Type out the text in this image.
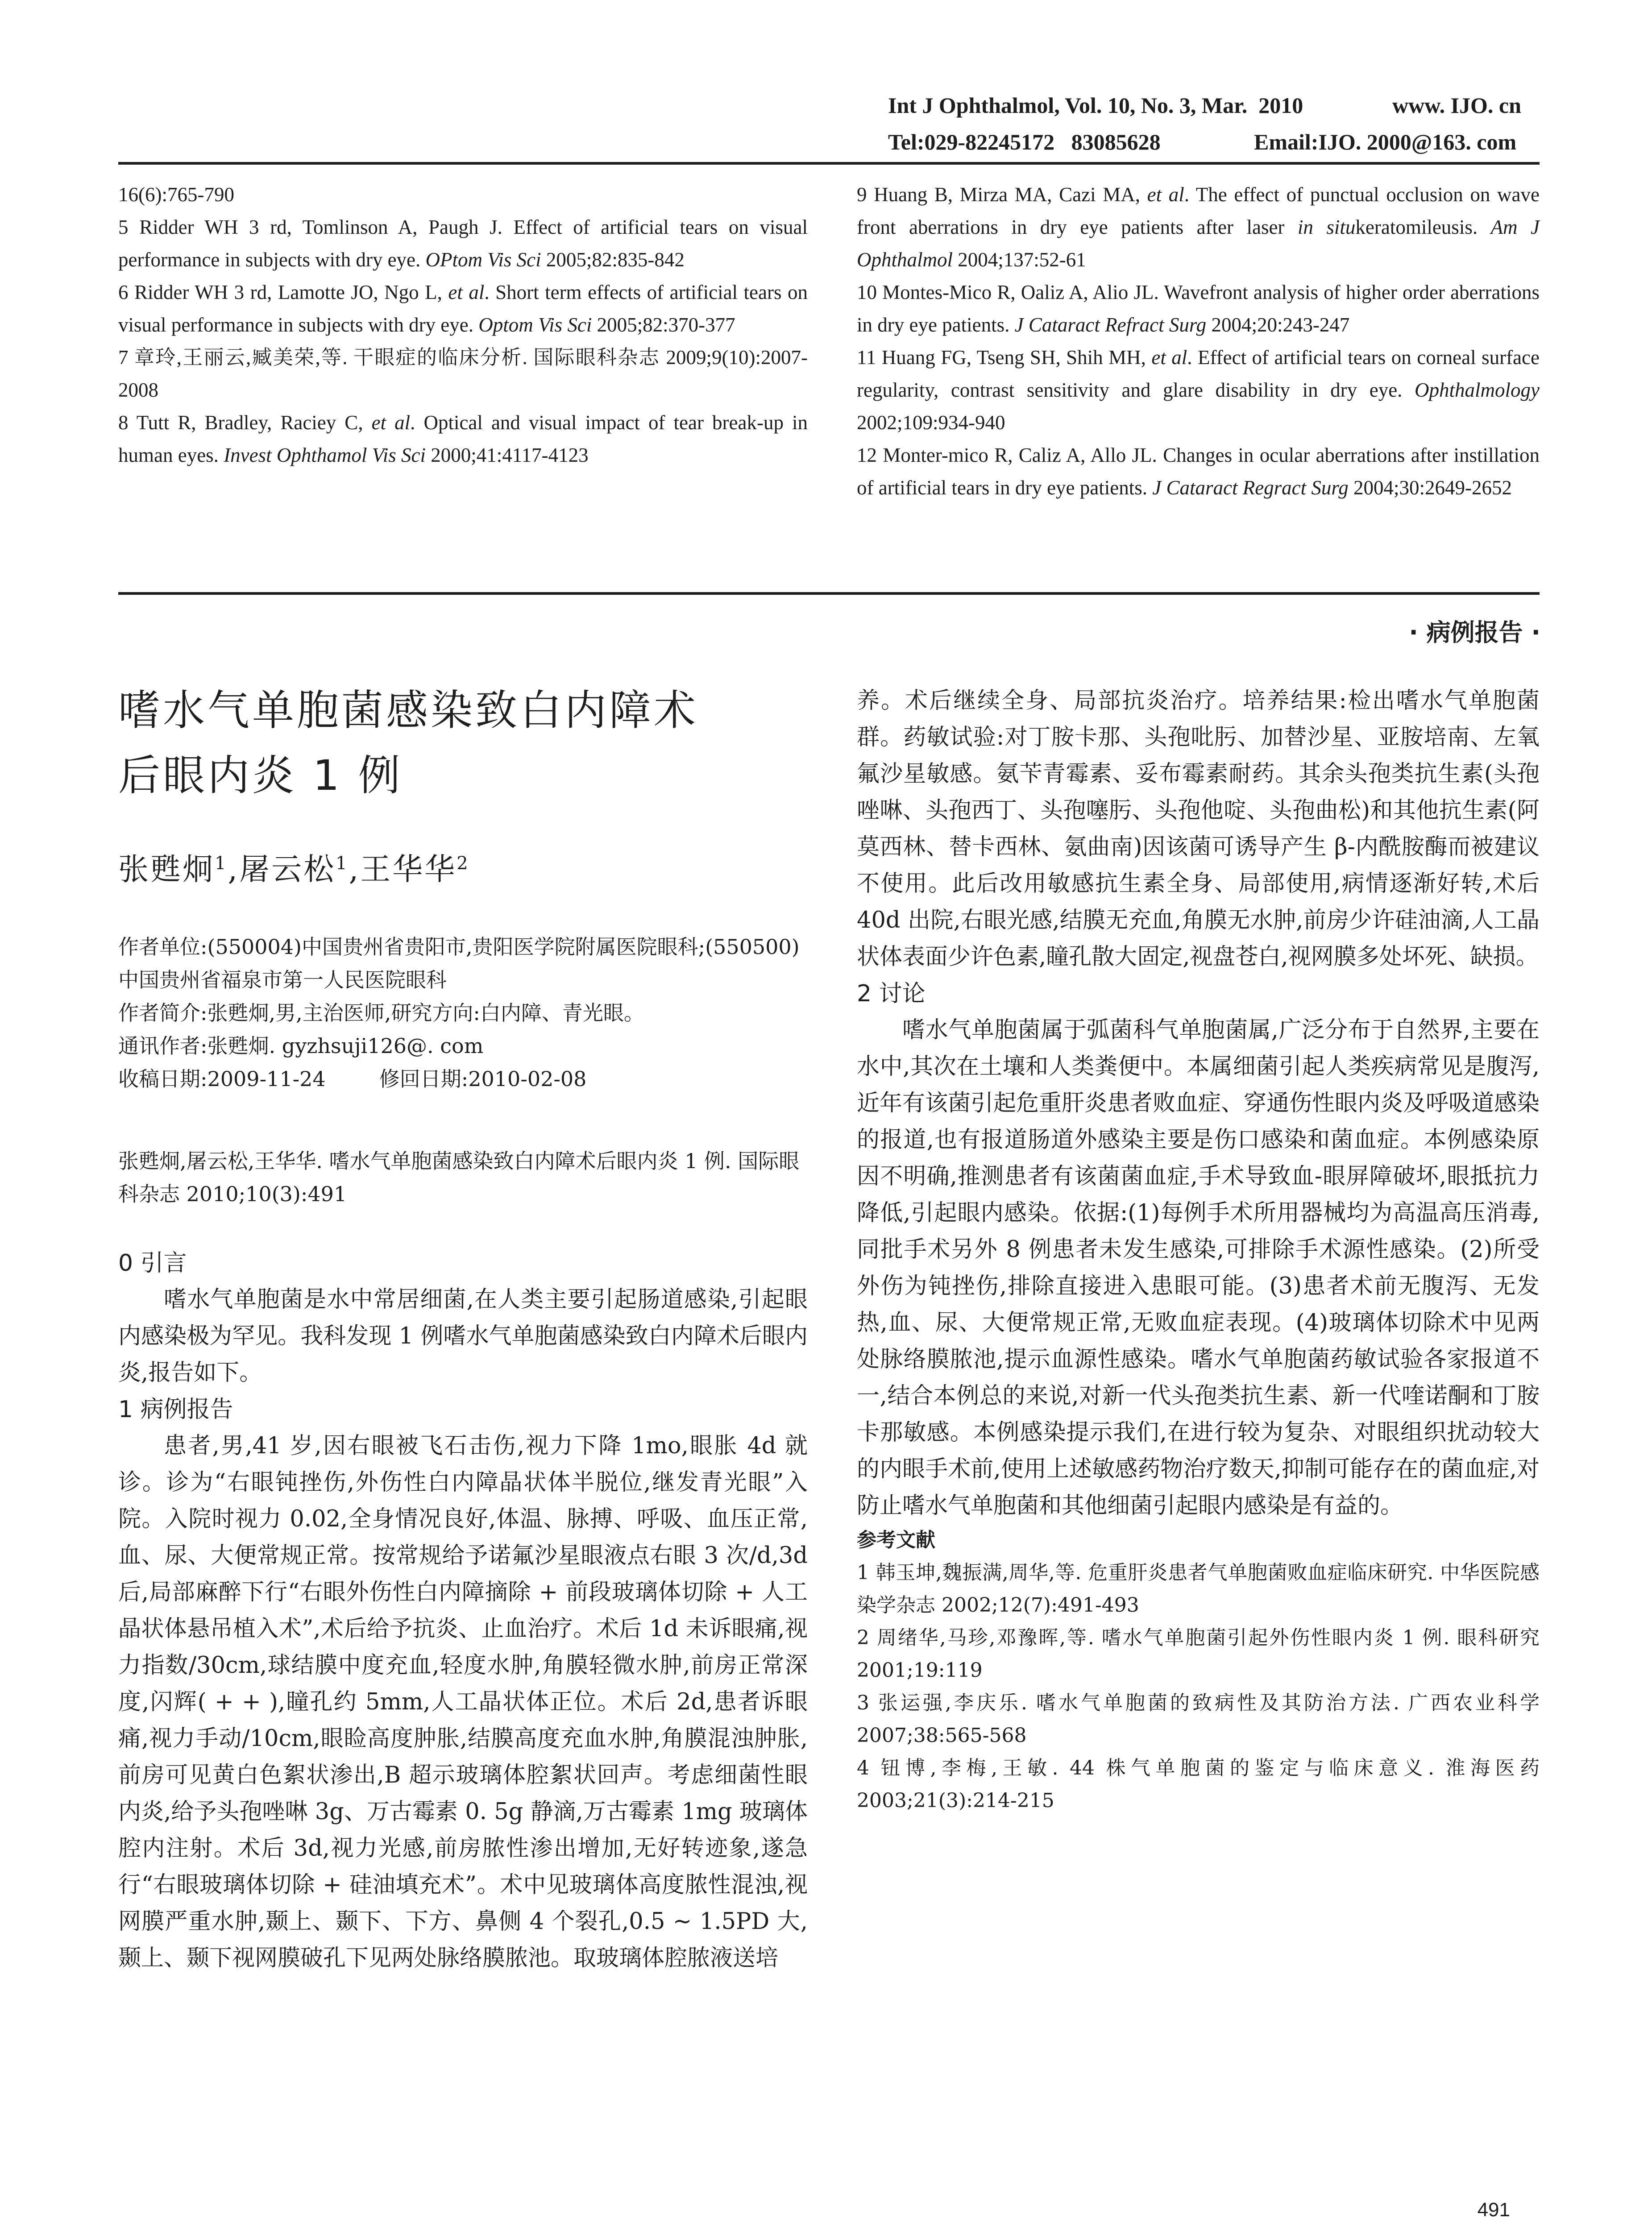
Int J Ophthalmol, Vol. 10, No. 3, Mar.  2010	www. IJO. cn
Tel:029-82245172   83085628	Email:IJO. 2000@163. com

16(6):765-790

5 Ridder WH 3 rd, Tomlinson A, Paugh J. Effect of artificial tears on visual performance in subjects with dry eye. OPtom Vis Sci 2005;82:835-842

6 Ridder WH 3 rd, Lamotte JO, Ngo L, et al. Short term effects of artificial tears on visual performance in subjects with dry eye. Optom Vis Sci 2005;82:370-377

7 章玲,王丽云,臧美荣,等. 干眼症的临床分析. 国际眼科杂志 2009;9(10):2007-2008

8 Tutt R, Bradley, Raciey C, et al. Optical and visual impact of tear break-up in human eyes. Invest Ophthamol Vis Sci 2000;41:4117-4123

9 Huang B, Mirza MA, Cazi MA, et al. The effect of punctual occlusion on wave front aberrations in dry eye patients after laser in situkeratomileusis. Am J Ophthalmol 2004;137:52-61

10 Montes-Mico R, Oaliz A, Alio JL. Wavefront analysis of higher order aberrations in dry eye patients. J Cataract Refract Surg 2004;20:243-247

11 Huang FG, Tseng SH, Shih MH, et al. Effect of artificial tears on corneal surface regularity, contrast sensitivity and glare disability in dry eye. Ophthalmology 2002;109:934-940

12 Monter-mico R, Caliz A, Allo JL. Changes in ocular aberrations after instillation of artificial tears in dry eye patients. J Cataract Regract Surg 2004;30:2649-2652

· 病例报告 ·
嗜水气单胞菌感染致白内障术
后眼内炎 1 例
张甦炯$^1$,屠云松$^1$,王华华$^2$

作者单位:(550004)中国贵州省贵阳市,贵阳医学院附属医院眼科;(550500)中国贵州省福泉市第一人民医院眼科

作者简介:张甦炯,男,主治医师,研究方向:白内障、青光眼。

通讯作者:张甦炯. gyzhsuji126@. com

收稿日期:2009-11-24	修回日期:2010-02-08

张甦炯,屠云松,王华华. 嗜水气单胞菌感染致白内障术后眼内炎 1 例. 国际眼科杂志 2010;10(3):491
0 引言

嗜水气单胞菌是水中常居细菌,在人类主要引起肠道感染,引起眼内感染极为罕见。我科发现 1 例嗜水气单胞菌感染致白内障术后眼内炎,报告如下。

1 病例报告

患者,男,41 岁,因右眼被飞石击伤,视力下降 1mo,眼胀 4d 就诊。诊为“右眼钝挫伤,外伤性白内障晶状体半脱位,继发青光眼”入院。入院时视力 0.02,全身情况良好,体温、脉搏、呼吸、血压正常,血、尿、大便常规正常。按常规给予诺氟沙星眼液点右眼 3 次/d,3d 后,局部麻醉下行“右眼外伤性白内障摘除 + 前段玻璃体切除 + 人工晶状体悬吊植入术”,术后给予抗炎、止血治疗。术后 1d 未诉眼痛,视力指数/30cm,球结膜中度充血,轻度水肿,角膜轻微水肿,前房正常深度,闪辉( + + ),瞳孔约 5mm,人工晶状体正位。术后 2d,患者诉眼痛,视力手动/10cm,眼睑高度肿胀,结膜高度充血水肿,角膜混浊肿胀,前房可见黄白色絮状渗出,B 超示玻璃体腔絮状回声。考虑细菌性眼内炎,给予头孢唑啉 3g、万古霉素 0. 5g 静滴,万古霉素 1mg 玻璃体腔内注射。术后 3d,视力光感,前房脓性渗出增加,无好转迹象,遂急行“右眼玻璃体切除 + 硅油填充术”。术中见玻璃体高度脓性混浊,视网膜严重水肿,颞上、颞下、下方、鼻侧 4 个裂孔,0.5 ~ 1.5PD 大,颞上、颞下视网膜破孔下见两处脉络膜脓池。取玻璃体腔脓液送培

养。术后继续全身、局部抗炎治疗。培养结果:检出嗜水气单胞菌群。药敏试验:对丁胺卡那、头孢吡肟、加替沙星、亚胺培南、左氧氟沙星敏感。氨苄青霉素、妥布霉素耐药。其余头孢类抗生素(头孢唑啉、头孢西丁、头孢噻肟、头孢他啶、头孢曲松)和其他抗生素(阿莫西林、替卡西林、氨曲南)因该菌可诱导产生 β-内酰胺酶而被建议不使用。此后改用敏感抗生素全身、局部使用,病情逐渐好转,术后 40d 出院,右眼光感,结膜无充血,角膜无水肿,前房少许硅油滴,人工晶状体表面少许色素,瞳孔散大固定,视盘苍白,视网膜多处坏死、缺损。

2 讨论

嗜水气单胞菌属于弧菌科气单胞菌属,广泛分布于自然界,主要在水中,其次在土壤和人类粪便中。本属细菌引起人类疾病常见是腹泻,近年有该菌引起危重肝炎患者败血症、穿通伤性眼内炎及呼吸道感染的报道,也有报道肠道外感染主要是伤口感染和菌血症。本例感染原因不明确,推测患者有该菌菌血症,手术导致血-眼屏障破坏,眼抵抗力降低,引起眼内感染。依据:(1)每例手术所用器械均为高温高压消毒,同批手术另外 8 例患者未发生感染,可排除手术源性感染。(2)所受外伤为钝挫伤,排除直接进入患眼可能。(3)患者术前无腹泻、无发热,血、尿、大便常规正常,无败血症表现。(4)玻璃体切除术中见两处脉络膜脓池,提示血源性感染。嗜水气单胞菌药敏试验各家报道不一,结合本例总的来说,对新一代头孢类抗生素、新一代喹诺酮和丁胺卡那敏感。本例感染提示我们,在进行较为复杂、对眼组织扰动较大的内眼手术前,使用上述敏感药物治疗数天,抑制可能存在的菌血症,对防止嗜水气单胞菌和其他细菌引起眼内感染是有益的。

参考文献

1 韩玉坤,魏振满,周华,等. 危重肝炎患者气单胞菌败血症临床研究. 中华医院感染学杂志 2002;12(7):491-493

2 周绪华,马珍,邓豫晖,等. 嗜水气单胞菌引起外伤性眼内炎 1 例. 眼科研究 2001;19:119

3 张运强,李庆乐. 嗜水气单胞菌的致病性及其防治方法. 广西农业科学 2007;38:565-568

4 钮博,李梅,王敏. 44 株气单胞菌的鉴定与临床意义. 淮海医药 2003;21(3):214-215

491
